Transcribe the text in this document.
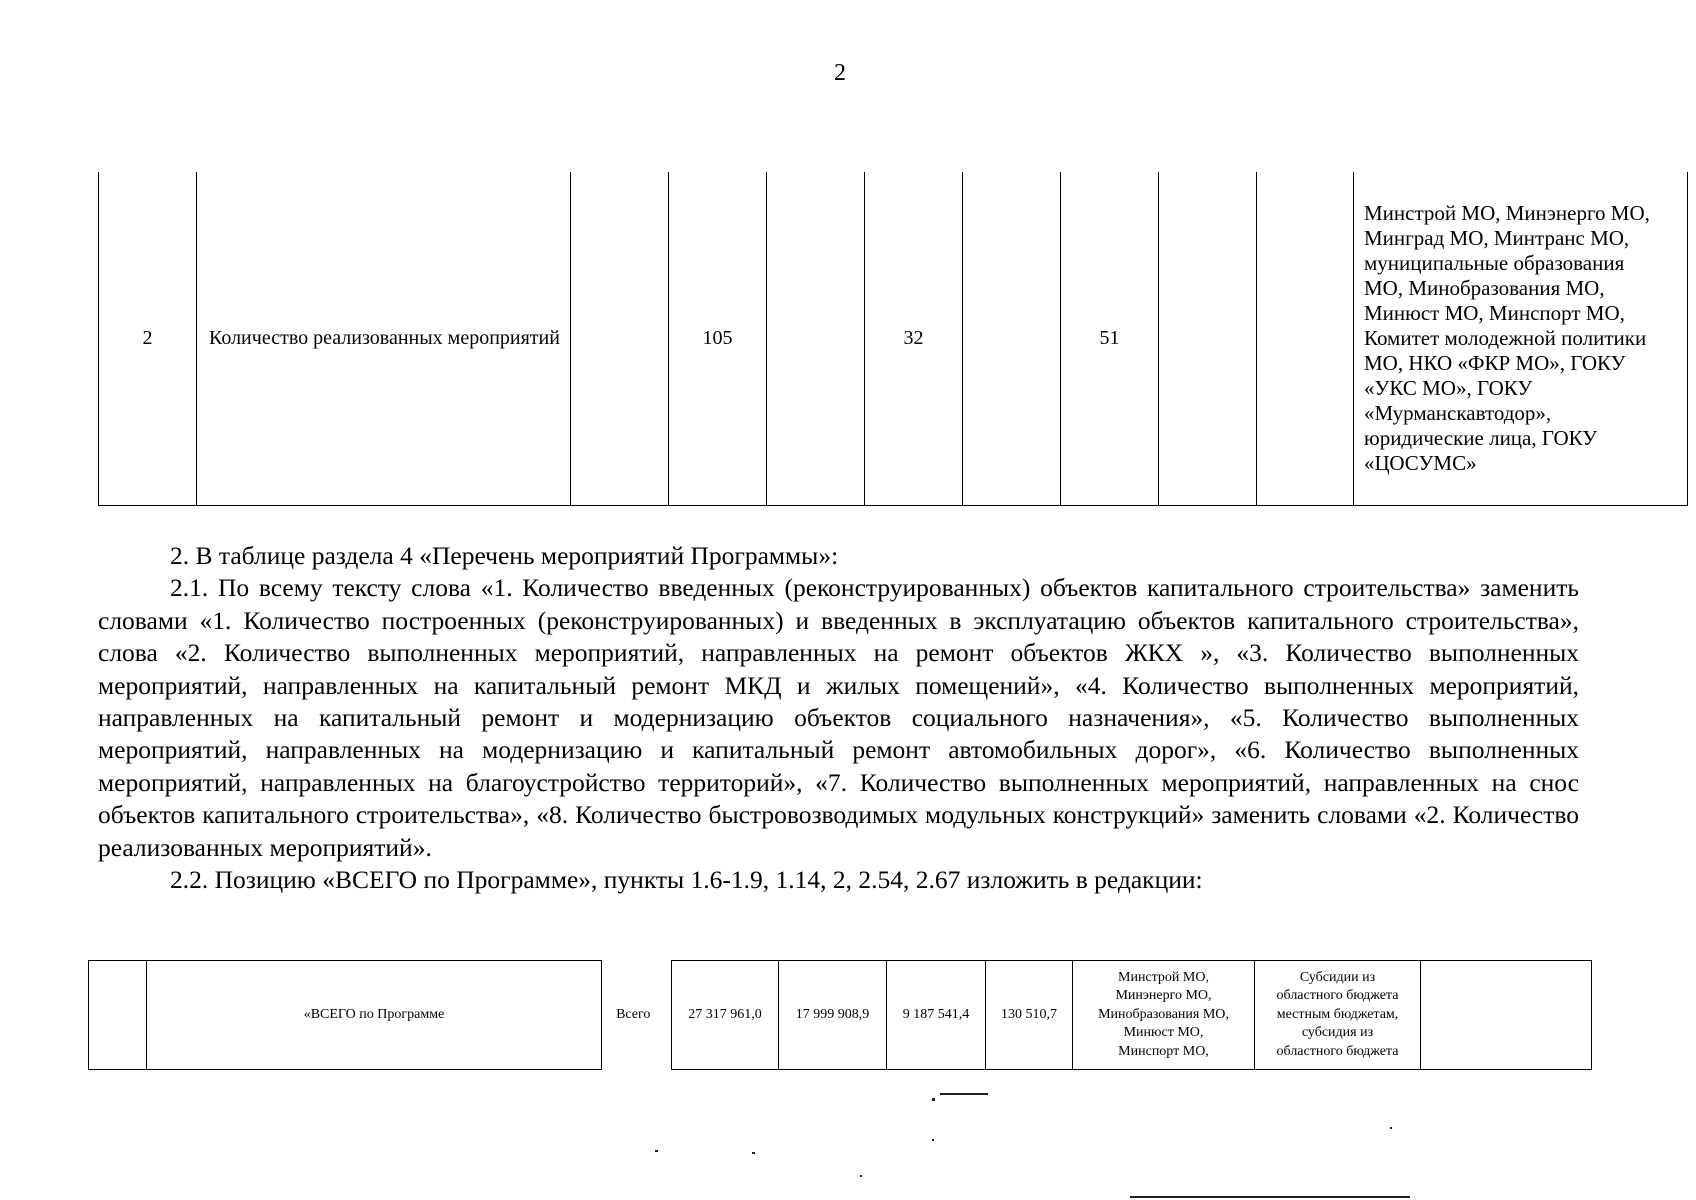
2
2	Количество реализованных мероприятий		105		32		51			Минстрой МО, Минэнерго МО,
Минград МО, Минтранс МО,
муниципальные образования
МО, Минобразования МО,
Минюст МО, Минспорт МО,
Комитет молодежной политики
МО, НКО «ФКР МО», ГОКУ
«УКС МО», ГОКУ
«Мурманскавтодор»,
юридические лица, ГОКУ
«ЦОСУМС»

2. В таблице раздела 4 «Перечень мероприятий Программы»:

2.1. По всему тексту слова «1. Количество введенных (реконструированных) объектов капитального строительства» заменить словами «1. Количество построенных (реконструированных) и введенных в эксплуатацию объектов капитального строительства», слова «2. Количество выполненных мероприятий, направленных на ремонт объектов ЖКХ », «3. Количество выполненных мероприятий, направленных на капитальный ремонт МКД и жилых помещений», «4. Количество выполненных мероприятий, направленных на капитальный ремонт и модернизацию объектов социального назначения», «5. Количество выполненных мероприятий, направленных на модернизацию и капитальный ремонт автомобильных дорог», «6. Количество выполненных мероприятий, направленных на благоустройство территорий», «7. Количество выполненных мероприятий, направленных на снос объектов капитального строительства», «8. Количество быстровозводимых модульных конструкций» заменить словами «2. Количество реализованных мероприятий».

2.2. Позицию «ВСЕГО по Программе», пункты 1.6-1.9, 1.14, 2, 2.54, 2.67 изложить в редакции:

	«ВСЕГО по Программе	Всего		27 317 961,0	17 999 908,9	9 187 541,4	130 510,7	Минстрой МО,
Минэнерго МО,
Минобразования МО,
Минюст МО,
Минспорт МО,	Субсидии из
областного бюджета
местным бюджетам,
субсидия из
областного бюджета	
